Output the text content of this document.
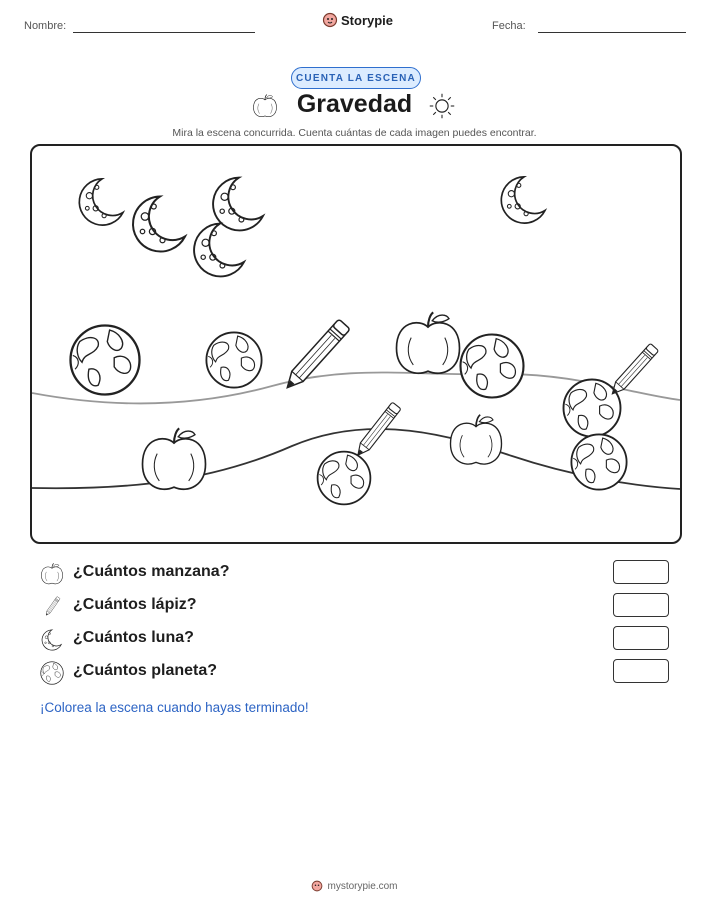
Nombre:	Storypie	Fecha:
CUENTA LA ESCENA
Gravedad
Mira la escena concurrida. Cuenta cuántas de cada imagen puedes encontrar.
¿Cuántos manzana?
¿Cuántos lápiz?
¿Cuántos luna?
¿Cuántos planeta?
¡Colorea la escena cuando hayas terminado!
mystorypie.com
